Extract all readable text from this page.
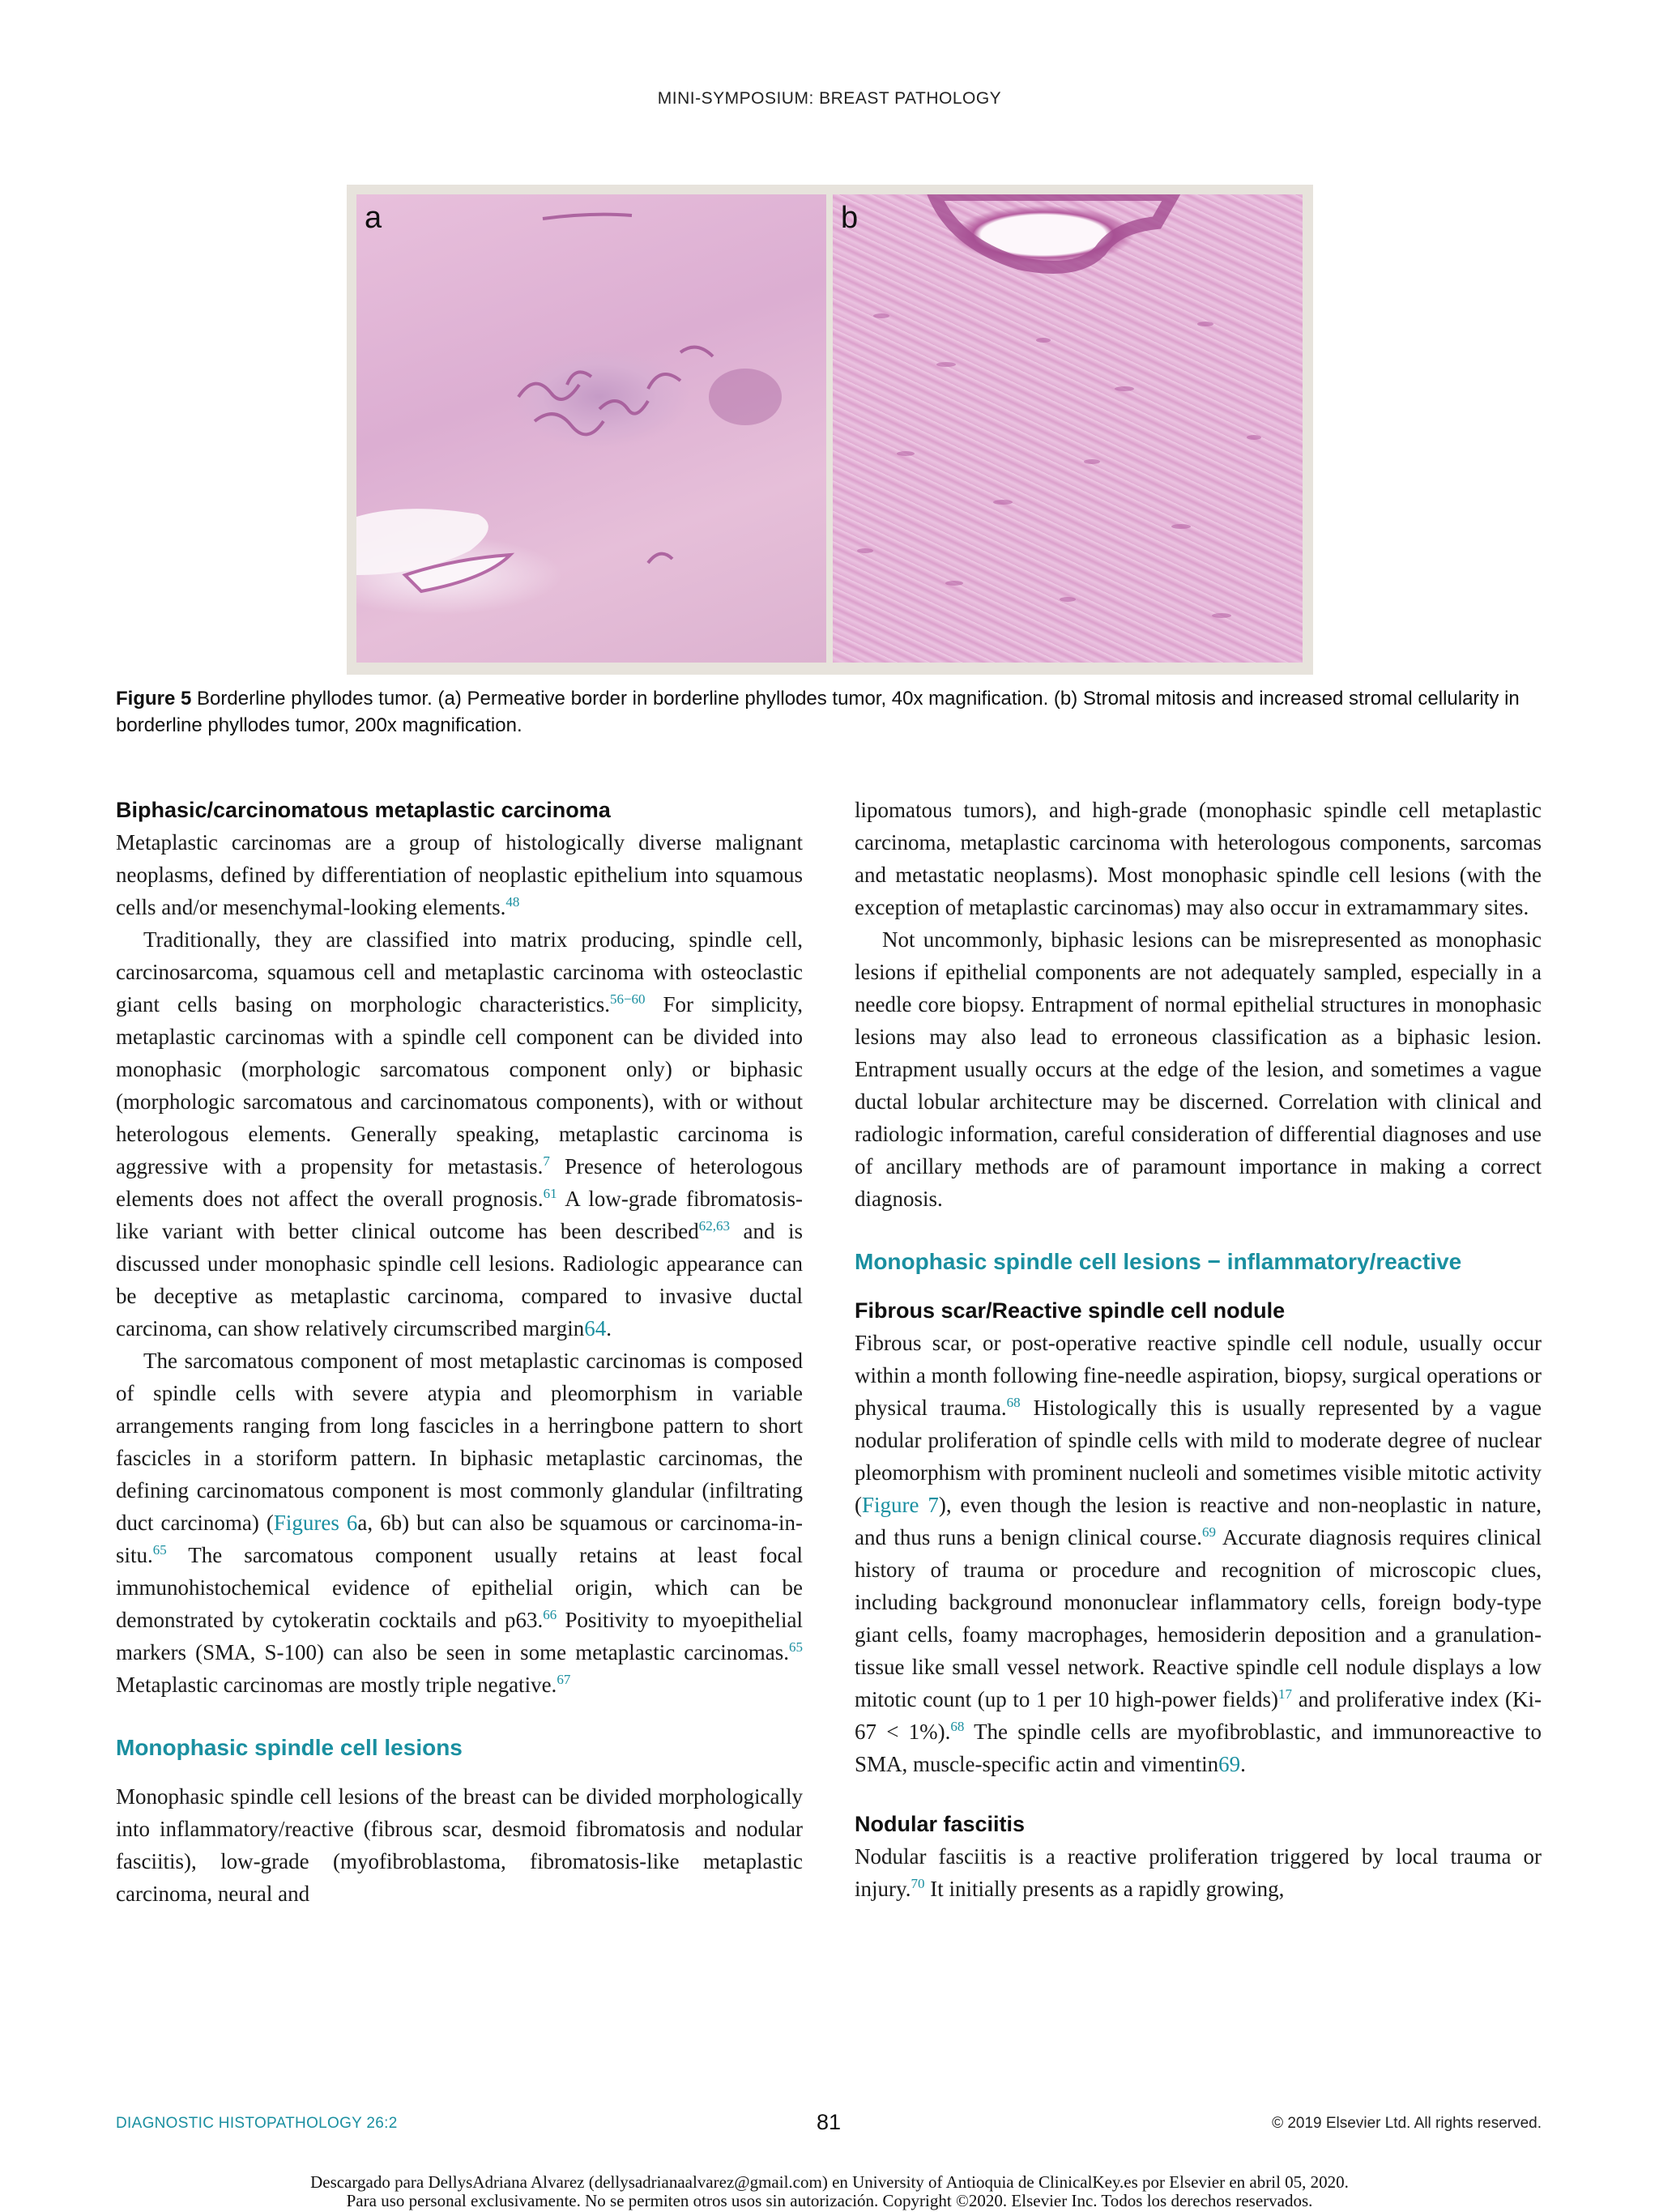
MINI-SYMPOSIUM: BREAST PATHOLOGY
a	b
Figure 5 Borderline phyllodes tumor. (a) Permeative border in borderline phyllodes tumor, 40x magnification. (b) Stromal mitosis and increased stromal cellularity in borderline phyllodes tumor, 200x magnification.
Biphasic/carcinomatous metaplastic carcinoma

Metaplastic carcinomas are a group of histologically diverse malignant neoplasms, defined by differentiation of neoplastic epithelium into squamous cells and/or mesenchymal-looking elements.$^{48}$

Traditionally, they are classified into matrix producing, spindle cell, carcinosarcoma, squamous cell and metaplastic carcinoma with osteoclastic giant cells basing on morphologic characteristics.$^{56-60}$ For simplicity, metaplastic carcinomas with a spindle cell component can be divided into monophasic (morphologic sarcomatous component only) or biphasic (morphologic sarcomatous and carcinomatous components), with or without heterologous elements. Generally speaking, metaplastic carcinoma is aggressive with a propensity for metastasis.$^7$ Presence of heterologous elements does not affect the overall prognosis.$^{61}$ A low-grade fibromatosis-like variant with better clinical outcome has been described$^{62,63}$ and is discussed under monophasic spindle cell lesions. Radiologic appearance can be deceptive as metaplastic carcinoma, compared to invasive ductal carcinoma, can show relatively circumscribed margin64.

The sarcomatous component of most metaplastic carcinomas is composed of spindle cells with severe atypia and pleomorphism in variable arrangements ranging from long fascicles in a herringbone pattern to short fascicles in a storiform pattern. In biphasic metaplastic carcinomas, the defining carcinomatous component is most commonly glandular (infiltrating duct carcinoma) (Figures 6a, 6b) but can also be squamous or carcinoma-in-situ.$^{65}$ The sarcomatous component usually retains at least focal immunohistochemical evidence of epithelial origin, which can be demonstrated by cytokeratin cocktails and p63.66 Positivity to myoepithelial markers (SMA, S-100) can also be seen in some metaplastic carcinomas.$^{65}$ Metaplastic carcinomas are mostly triple negative.$^{67}$

Monophasic spindle cell lesions

Monophasic spindle cell lesions of the breast can be divided morphologically into inflammatory/reactive (fibrous scar, desmoid fibromatosis and nodular fasciitis), low-grade (myofibroblastoma, fibromatosis-like metaplastic carcinoma, neural and

lipomatous tumors), and high-grade (monophasic spindle cell metaplastic carcinoma, metaplastic carcinoma with heterologous components, sarcomas and metastatic neoplasms). Most monophasic spindle cell lesions (with the exception of metaplastic carcinomas) may also occur in extramammary sites.

Not uncommonly, biphasic lesions can be misrepresented as monophasic lesions if epithelial components are not adequately sampled, especially in a needle core biopsy. Entrapment of normal epithelial structures in monophasic lesions may also lead to erroneous classification as a biphasic lesion. Entrapment usually occurs at the edge of the lesion, and sometimes a vague ductal lobular architecture may be discerned. Correlation with clinical and radiologic information, careful consideration of differential diagnoses and use of ancillary methods are of paramount importance in making a correct diagnosis.

Monophasic spindle cell lesions − inflammatory/reactive
Fibrous scar/Reactive spindle cell nodule

Fibrous scar, or post-operative reactive spindle cell nodule, usually occur within a month following fine-needle aspiration, biopsy, surgical operations or physical trauma.$^{68}$ Histologically this is usually represented by a vague nodular proliferation of spindle cells with mild to moderate degree of nuclear pleomorphism with prominent nucleoli and sometimes visible mitotic activity (Figure 7), even though the lesion is reactive and non-neoplastic in nature, and thus runs a benign clinical course.$^{69}$ Accurate diagnosis requires clinical history of trauma or procedure and recognition of microscopic clues, including background mononuclear inflammatory cells, foreign body-type giant cells, foamy macrophages, hemosiderin deposition and a granulation-tissue like small vessel network. Reactive spindle cell nodule displays a low mitotic count (up to 1 per 10 high-power fields)$^{17}$ and proliferative index (Ki-67 < 1%).$^{68}$ The spindle cells are myofibroblastic, and immunoreactive to SMA, muscle-specific actin and vimentin69.

Nodular fasciitis

Nodular fasciitis is a reactive proliferation triggered by local trauma or injury.$^{70}$ It initially presents as a rapidly growing,

DIAGNOSTIC HISTOPATHOLOGY 26:2	81	© 2019 Elsevier Ltd. All rights reserved.
Descargado para DellysAdriana Alvarez (dellysadrianaalvarez@gmail.com) en University of Antioquia de ClinicalKey.es por Elsevier en abril 05, 2020.
Para uso personal exclusivamente. No se permiten otros usos sin autorización. Copyright ©2020. Elsevier Inc. Todos los derechos reservados.
